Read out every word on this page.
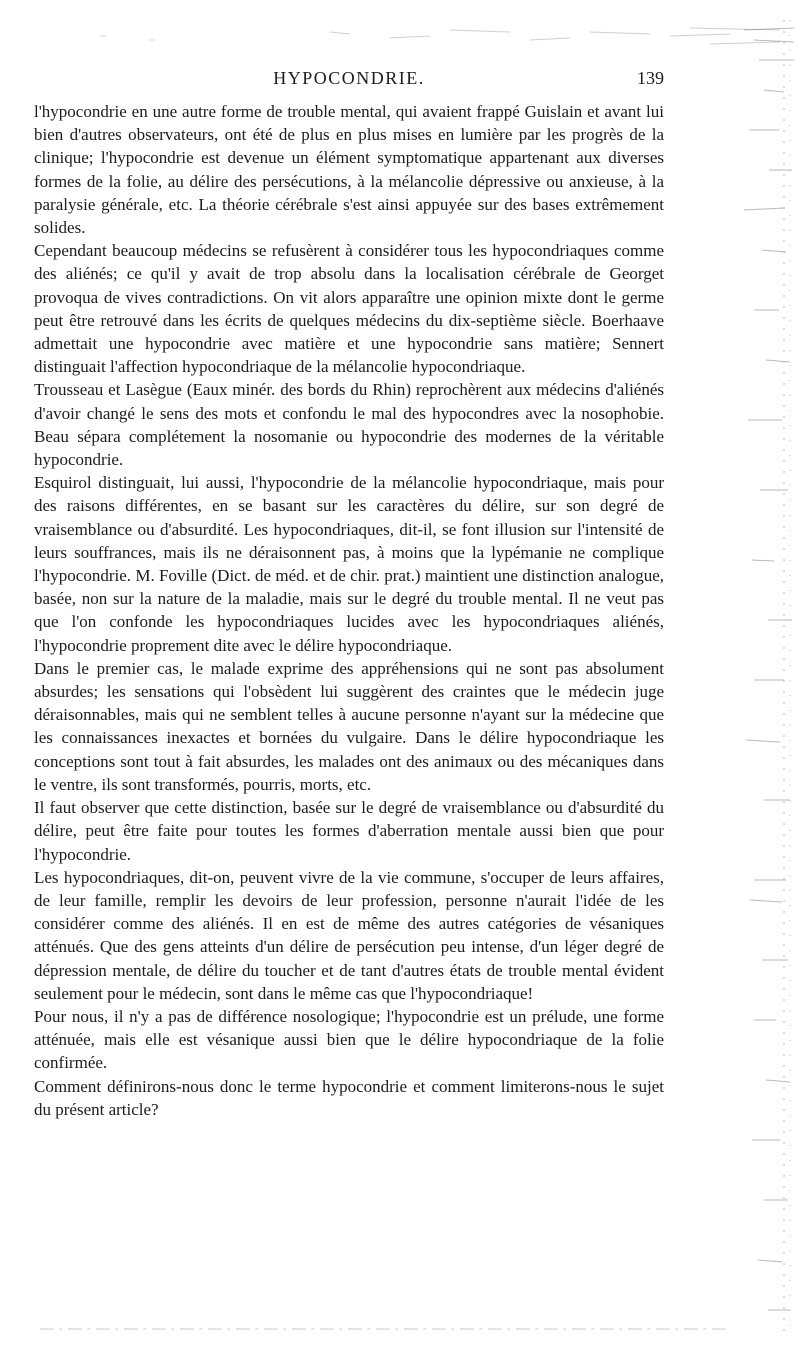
HYPOCONDRIE.	139

l'hypocondrie en une autre forme de trouble mental, qui avaient frappé Guislain et avant lui bien d'autres observateurs, ont été de plus en plus mises en lumière par les progrès de la clinique; l'hypocondrie est devenue un élément symptomatique appartenant aux diverses formes de la folie, au délire des persécutions, à la mélancolie dépressive ou anxieuse, à la paralysie générale, etc. La théorie cérébrale s'est ainsi appuyée sur des bases extrêmement solides.

Cependant beaucoup médecins se refusèrent à considérer tous les hypocondriaques comme des aliénés; ce qu'il y avait de trop absolu dans la localisation cérébrale de Georget provoqua de vives contradictions. On vit alors apparaître une opinion mixte dont le germe peut être retrouvé dans les écrits de quelques médecins du dix-septième siècle. Boerhaave admettait une hypocondrie avec matière et une hypocondrie sans matière; Sennert distinguait l'affection hypocondriaque de la mélancolie hypocondriaque.

Trousseau et Lasègue (Eaux minér. des bords du Rhin) reprochèrent aux médecins d'aliénés d'avoir changé le sens des mots et confondu le mal des hypocondres avec la nosophobie. Beau sépara complétement la nosomanie ou hypocondrie des modernes de la véritable hypocondrie.

Esquirol distinguait, lui aussi, l'hypocondrie de la mélancolie hypocondriaque, mais pour des raisons différentes, en se basant sur les caractères du délire, sur son degré de vraisemblance ou d'absurdité. Les hypocondriaques, dit-il, se font illusion sur l'intensité de leurs souffrances, mais ils ne déraisonnent pas, à moins que la lypémanie ne complique l'hypocondrie. M. Foville (Dict. de méd. et de chir. prat.) maintient une distinction analogue, basée, non sur la nature de la maladie, mais sur le degré du trouble mental. Il ne veut pas que l'on confonde les hypocondriaques lucides avec les hypocondriaques aliénés, l'hypocondrie proprement dite avec le délire hypocondriaque.

Dans le premier cas, le malade exprime des appréhensions qui ne sont pas absolument absurdes; les sensations qui l'obsèdent lui suggèrent des craintes que le médecin juge déraisonnables, mais qui ne semblent telles à aucune personne n'ayant sur la médecine que les connaissances inexactes et bornées du vulgaire. Dans le délire hypocondriaque les conceptions sont tout à fait absurdes, les malades ont des animaux ou des mécaniques dans le ventre, ils sont transformés, pourris, morts, etc.

Il faut observer que cette distinction, basée sur le degré de vraisemblance ou d'absurdité du délire, peut être faite pour toutes les formes d'aberration mentale aussi bien que pour l'hypocondrie.

Les hypocondriaques, dit-on, peuvent vivre de la vie commune, s'occuper de leurs affaires, de leur famille, remplir les devoirs de leur profession, personne n'aurait l'idée de les considérer comme des aliénés. Il en est de même des autres catégories de vésaniques atténués. Que des gens atteints d'un délire de persécution peu intense, d'un léger degré de dépression mentale, de délire du toucher et de tant d'autres états de trouble mental évident seulement pour le médecin, sont dans le même cas que l'hypocondriaque!

Pour nous, il n'y a pas de différence nosologique; l'hypocondrie est un prélude, une forme atténuée, mais elle est vésanique aussi bien que le délire hypocondriaque de la folie confirmée.

Comment définirons-nous donc le terme hypocondrie et comment limiterons-nous le sujet du présent article?
